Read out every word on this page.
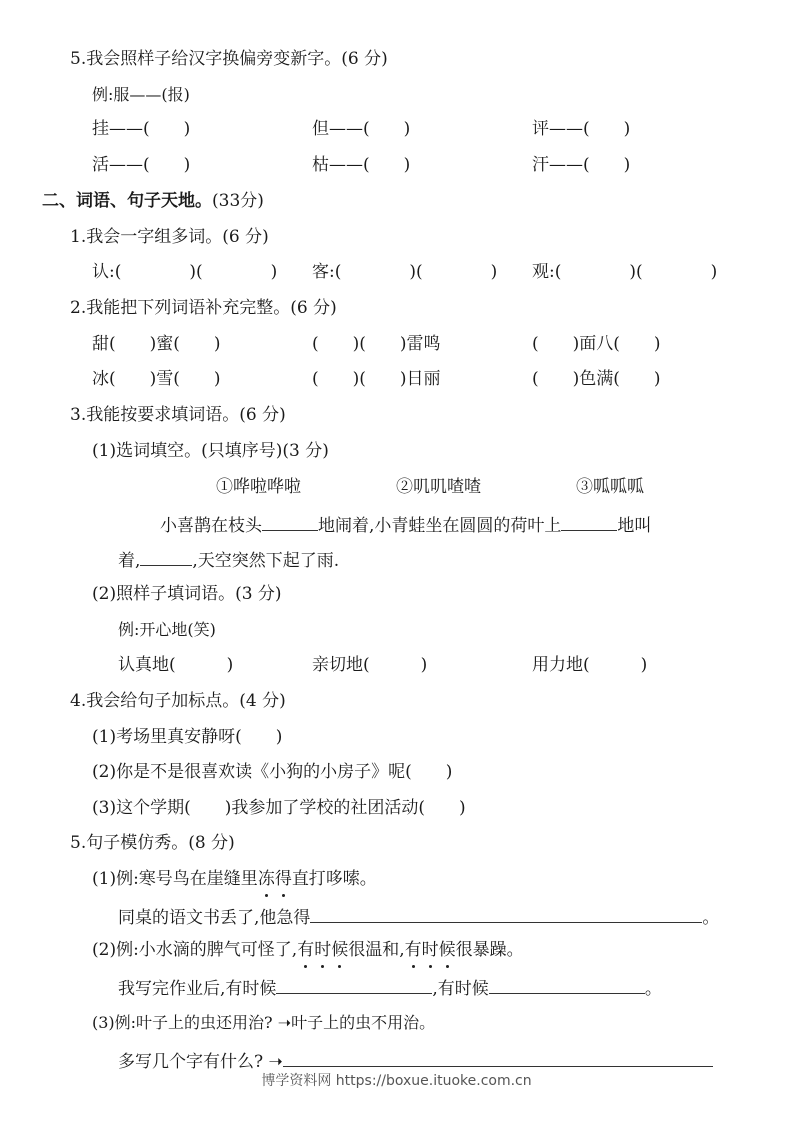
5.我会照样子给汉字换偏旁变新字。(6 分)
例:服——(报)
挂——(　　)	但——(　　)	评——(　　)
活——(　　)	枯——(　　)	汗——(　　)
二、词语、句子天地。(33分)
1.我会一字组多词。(6 分)
认:(　　　　)(　　　　) 客:(　　　　)(　　　　) 观:(　　　　)(　　　　)
2.我能把下列词语补充完整。(6 分)
甜(　　)蜜(　　)	(　　)(　　)雷鸣	(　　)面八(　　)
冰(　　)雪(　　)	(　　)(　　)日丽	(　　)色满(　　)
3.我能按要求填词语。(6 分)
(1)选词填空。(只填序号)(3 分)
①哗啦哗啦	②叽叽喳喳	③呱呱呱
小喜鹊在枝头	地闹着,小青蛙坐在圆圆的荷叶上	地叫
着,	,天空突然下起了雨.
(2)照样子填词语。(3 分)
例:开心地(笑)
认真地(　　　)	亲切地(　　　)	用力地(　　　)
4.我会给句子加标点。(4 分)
(1)考场里真安静呀(　　)
(2)你是不是很喜欢读《小狗的小房子》呢(　　)
(3)这个学期(　　)我参加了学校的社团活动(　　)
5.句子模仿秀。(8 分)
(1)例:寒号鸟在崖缝里冻得直打哆嗦。
同桌的语文书丢了,他急得	。
(2)例:小水滴的脾气可怪了,有时候很温和,有时候很暴躁。
我写完作业后,有时候	,有时候	。
(3)例:叶子上的虫还用治? ➝叶子上的虫不用治。
多写几个字有什么? ➝
博学资料网 https://boxue.ituoke.com.cn
